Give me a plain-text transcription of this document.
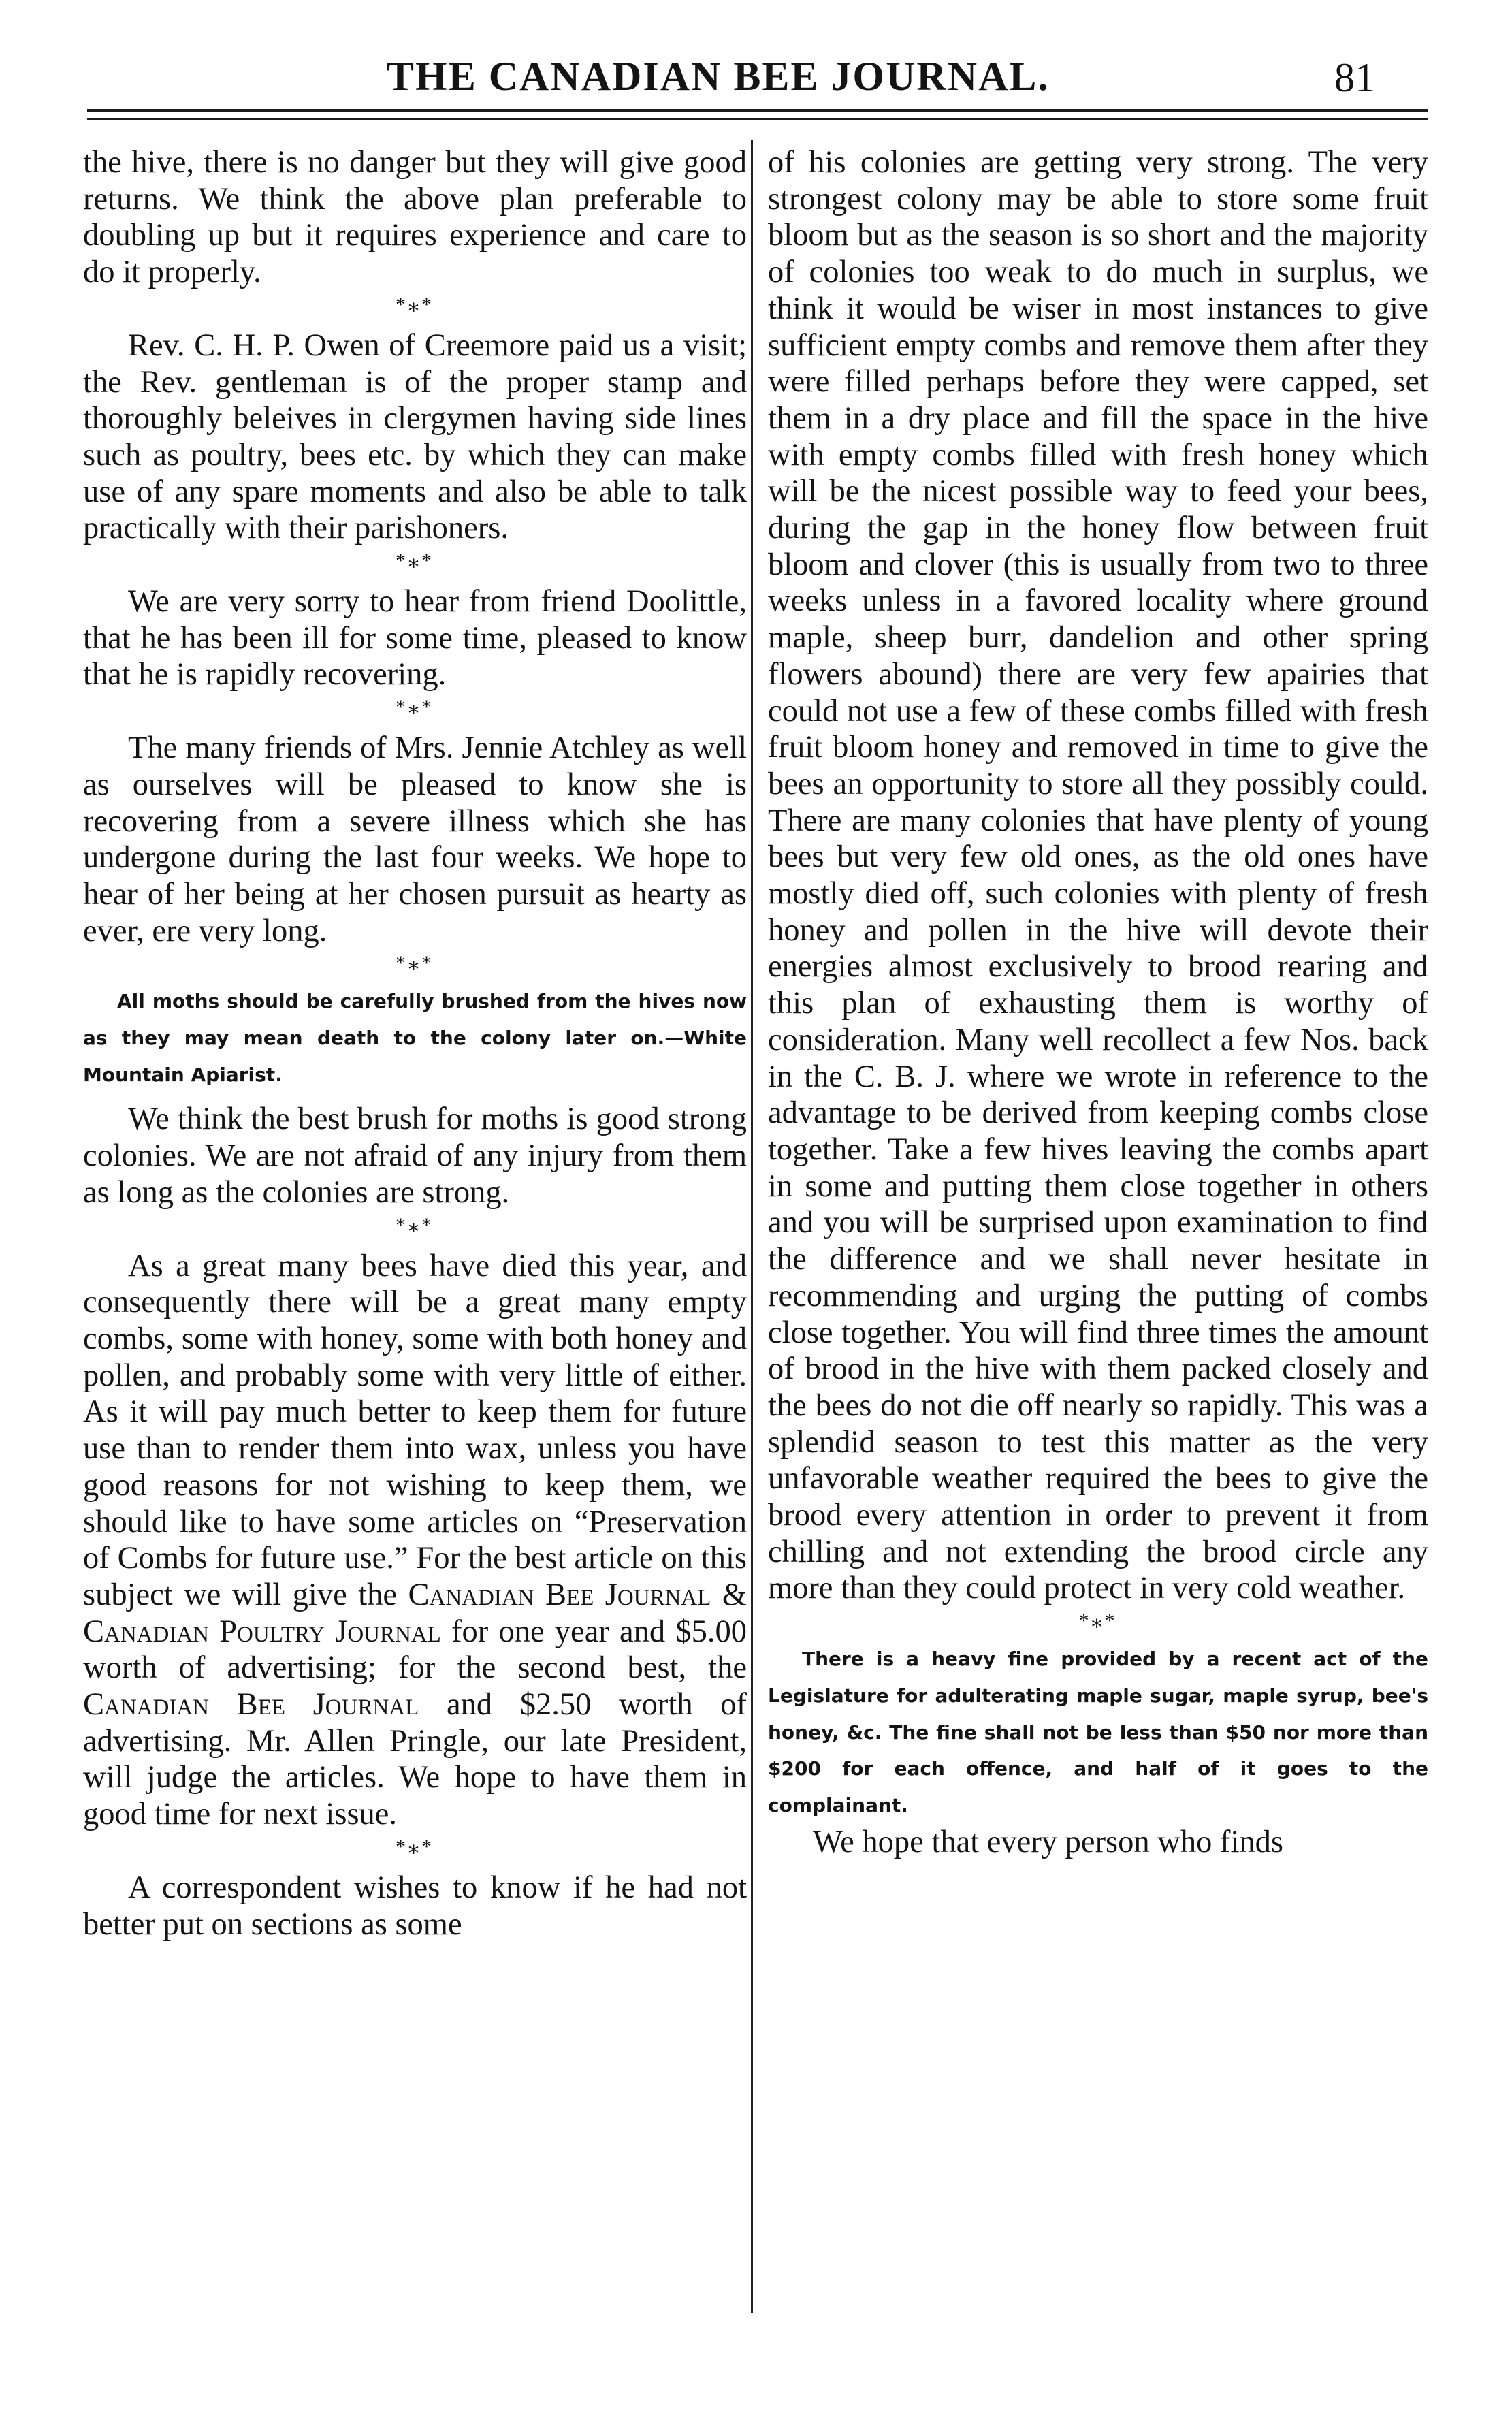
THE CANADIAN BEE JOURNAL.	81

the hive, there is no danger but they will give good returns. We think the above plan preferable to doubling up but it requires experience and care to do it properly.

*⁎*

Rev. C. H. P. Owen of Creemore paid us a visit; the Rev. gentleman is of the proper stamp and thoroughly beleives in clergymen having side lines such as poultry, bees etc. by which they can make use of any spare moments and also be able to talk practically with their parishoners.

*⁎*

We are very sorry to hear from friend Doolittle, that he has been ill for some time, pleased to know that he is rapidly recovering.

*⁎*

The many friends of Mrs. Jennie Atchley as well as ourselves will be pleased to know she is recovering from a severe illness which she has undergone during the last four weeks. We hope to hear of her being at her chosen pursuit as hearty as ever, ere very long.

*⁎*

All moths should be carefully brushed from the hives now as they may mean death to the colony later on.—White Mountain Apiarist.

We think the best brush for moths is good strong colonies. We are not afraid of any injury from them as long as the colonies are strong.

*⁎*

As a great many bees have died this year, and consequently there will be a great many empty combs, some with honey, some with both honey and pollen, and probably some with very little of either. As it will pay much better to keep them for future use than to render them into wax, unless you have good reasons for not wishing to keep them, we should like to have some articles on “Preservation of Combs for future use.” For the best article on this subject we will give the Canadian Bee Journal & Canadian Poultry Journal for one year and $5.00 worth of advertising; for the second best, the Canadian Bee Journal and $2.50 worth of advertising. Mr. Allen Pringle, our late President, will judge the articles. We hope to have them in good time for next issue.

*⁎*

A correspondent wishes to know if he had not better put on sections as some

of his colonies are getting very strong. The very strongest colony may be able to store some fruit bloom but as the season is so short and the majority of colonies too weak to do much in surplus, we think it would be wiser in most instances to give sufficient empty combs and remove them after they were filled perhaps before they were capped, set them in a dry place and fill the space in the hive with empty combs filled with fresh honey which will be the nicest possible way to feed your bees, during the gap in the honey flow between fruit bloom and clover (this is usually from two to three weeks unless in a favored locality where ground maple, sheep burr, dandelion and other spring flowers abound) there are very few apairies that could not use a few of these combs filled with fresh fruit bloom honey and removed in time to give the bees an opportunity to store all they possibly could. There are many colonies that have plenty of young bees but very few old ones, as the old ones have mostly died off, such colonies with plenty of fresh honey and pollen in the hive will devote their energies almost exclusively to brood rearing and this plan of exhausting them is worthy of consideration. Many well recollect a few Nos. back in the C. B. J. where we wrote in reference to the advantage to be derived from keeping combs close together. Take a few hives leaving the combs apart in some and putting them close together in others and you will be surprised upon examination to find the difference and we shall never hesitate in recommending and urging the putting of combs close together. You will find three times the amount of brood in the hive with them packed closely and the bees do not die off nearly so rapidly. This was a splendid season to test this matter as the very unfavorable weather required the bees to give the brood every attention in order to prevent it from chilling and not extending the brood circle any more than they could protect in very cold weather.

*⁎*

There is a heavy fine provided by a recent act of the Legislature for adulterating maple sugar, maple syrup, bee's honey, &c. The fine shall not be less than $50 nor more than $200 for each offence, and half of it goes to the complainant.

We hope that every person who finds
